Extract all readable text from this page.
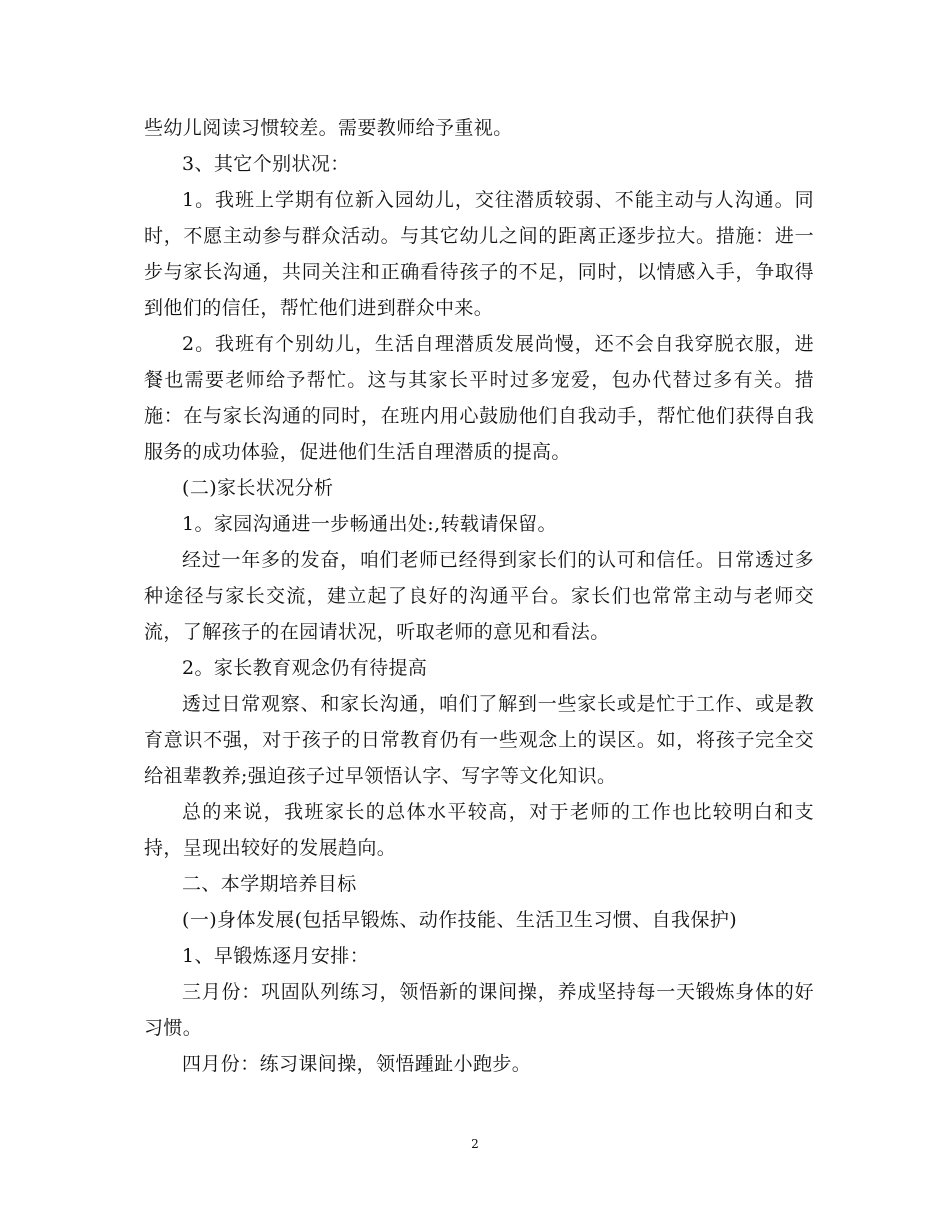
些幼儿阅读习惯较差。需要教师给予重视。

3、其它个别状况：

1。我班上学期有位新入园幼儿，交往潜质较弱、不能主动与人沟通。同时，不愿主动参与群众活动。与其它幼儿之间的距离正逐步拉大。措施：进一步与家长沟通，共同关注和正确看待孩子的不足，同时，以情感入手，争取得到他们的信任，帮忙他们进到群众中来。

2。我班有个别幼儿，生活自理潜质发展尚慢，还不会自我穿脱衣服，进餐也需要老师给予帮忙。这与其家长平时过多宠爱，包办代替过多有关。措施：在与家长沟通的同时，在班内用心鼓励他们自我动手，帮忙他们获得自我服务的成功体验，促进他们生活自理潜质的提高。

(二)家长状况分析

1。家园沟通进一步畅通出处:,转载请保留。

经过一年多的发奋，咱们老师已经得到家长们的认可和信任。日常透过多种途径与家长交流，建立起了良好的沟通平台。家长们也常常主动与老师交流，了解孩子的在园请状况，听取老师的意见和看法。

2。家长教育观念仍有待提高

透过日常观察、和家长沟通，咱们了解到一些家长或是忙于工作、或是教育意识不强，对于孩子的日常教育仍有一些观念上的误区。如，将孩子完全交给祖辈教养;强迫孩子过早领悟认字、写字等文化知识。

总的来说，我班家长的总体水平较高，对于老师的工作也比较明白和支持，呈现出较好的发展趋向。

二、本学期培养目标

(一)身体发展(包括早锻炼、动作技能、生活卫生习惯、自我保护)

1、早锻炼逐月安排：

三月份：巩固队列练习，领悟新的课间操，养成坚持每一天锻炼身体的好习惯。

四月份：练习课间操，领悟踵趾小跑步。

2
